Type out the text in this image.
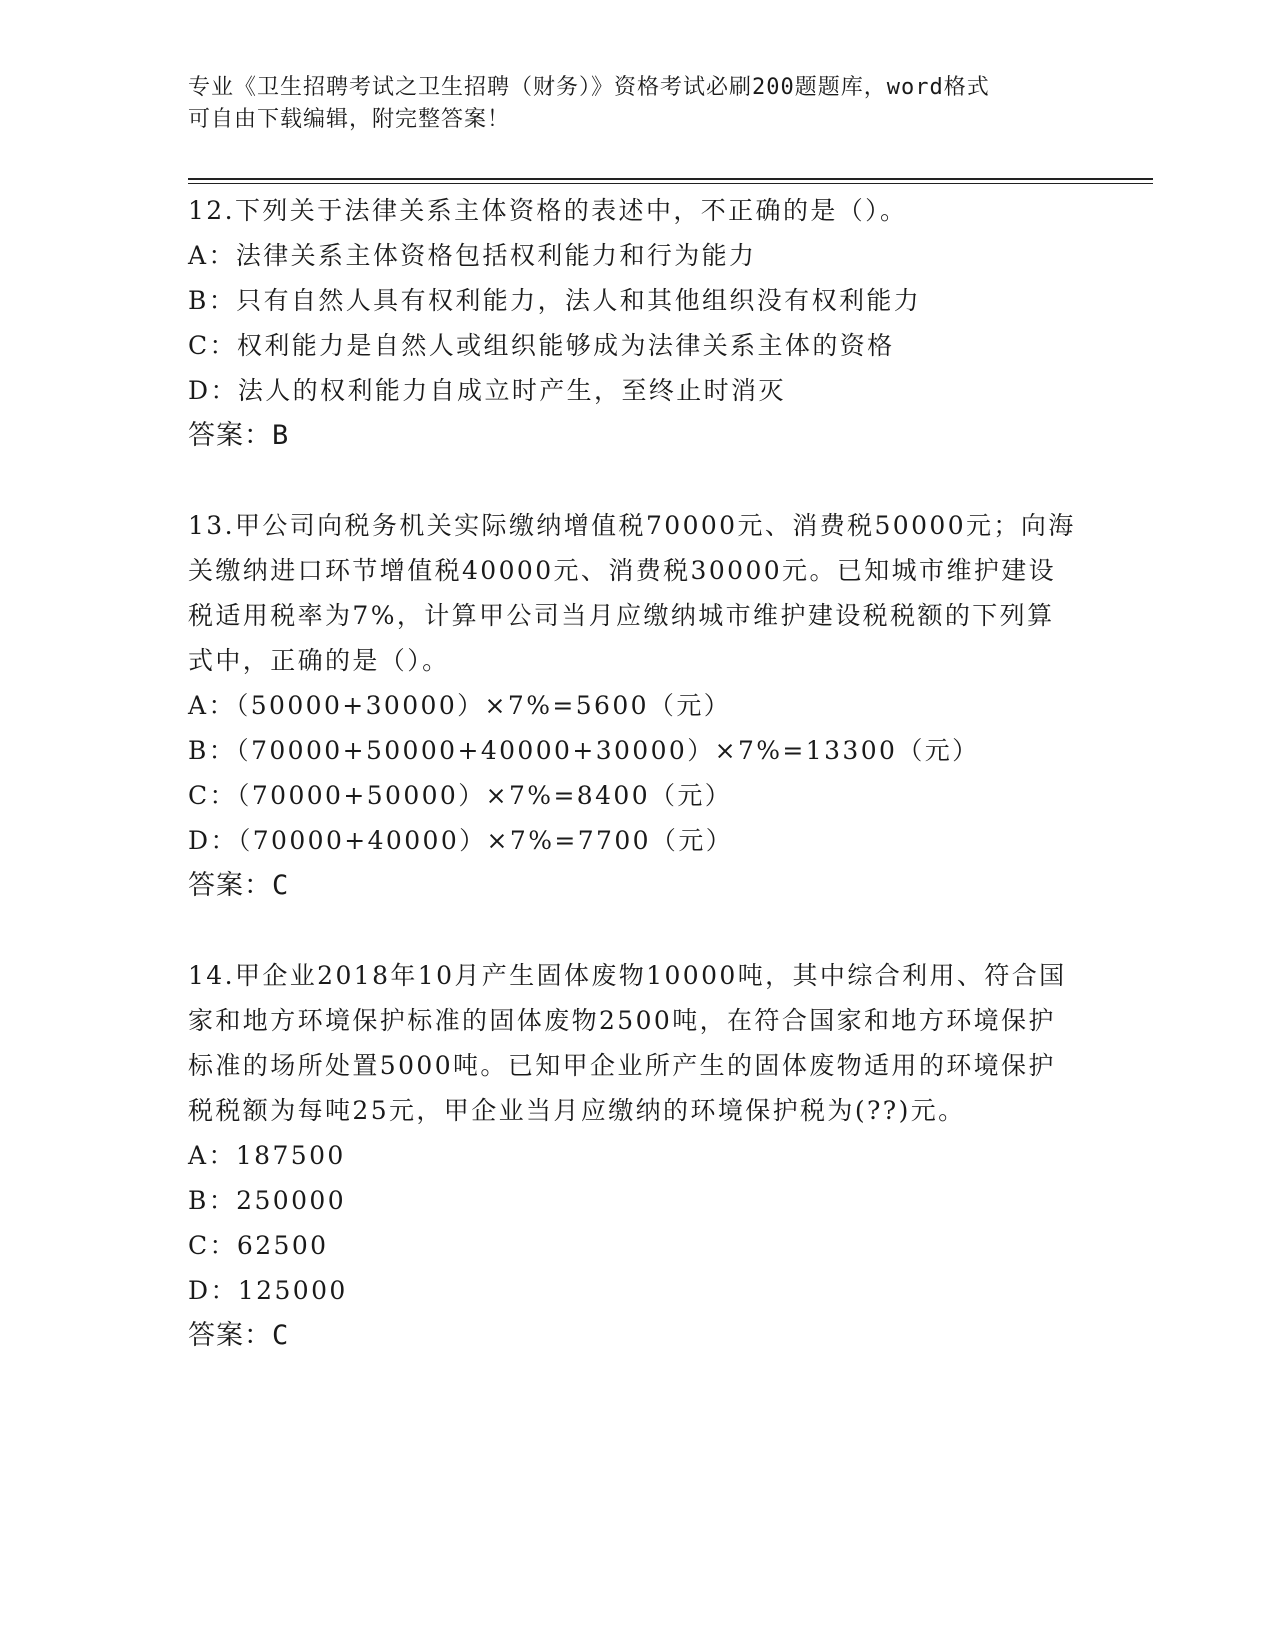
专业《卫生招聘考试之卫生招聘（财务）》资格考试必刷200题题库，word格式
可自由下载编辑，附完整答案！

12.下列关于法律关系主体资格的表述中，不正确的是（）。

A：法律关系主体资格包括权利能力和行为能力

B：只有自然人具有权利能力，法人和其他组织没有权利能力

C：权利能力是自然人或组织能够成为法律关系主体的资格

D：法人的权利能力自成立时产生，至终止时消灭

答案：B

13.甲公司向税务机关实际缴纳增值税70000元、消费税50000元；向海关缴纳进口环节增值税40000元、消费税30000元。已知城市维护建设税适用税率为7%，计算甲公司当月应缴纳城市维护建设税税额的下列算式中，正确的是（）。

A：（50000+30000）×7%=5600（元）

B：（70000+50000+40000+30000）×7%=13300（元）

C：（70000+50000）×7%=8400（元）

D：（70000+40000）×7%=7700（元）

答案：C

14.甲企业2018年10月产生固体废物10000吨，其中综合利用、符合国家和地方环境保护标准的固体废物2500吨，在符合国家和地方环境保护标准的场所处置5000吨。已知甲企业所产生的固体废物适用的环境保护税税额为每吨25元，甲企业当月应缴纳的环境保护税为(??)元。

A：187500

B：250000

C：62500

D：125000

答案：C
